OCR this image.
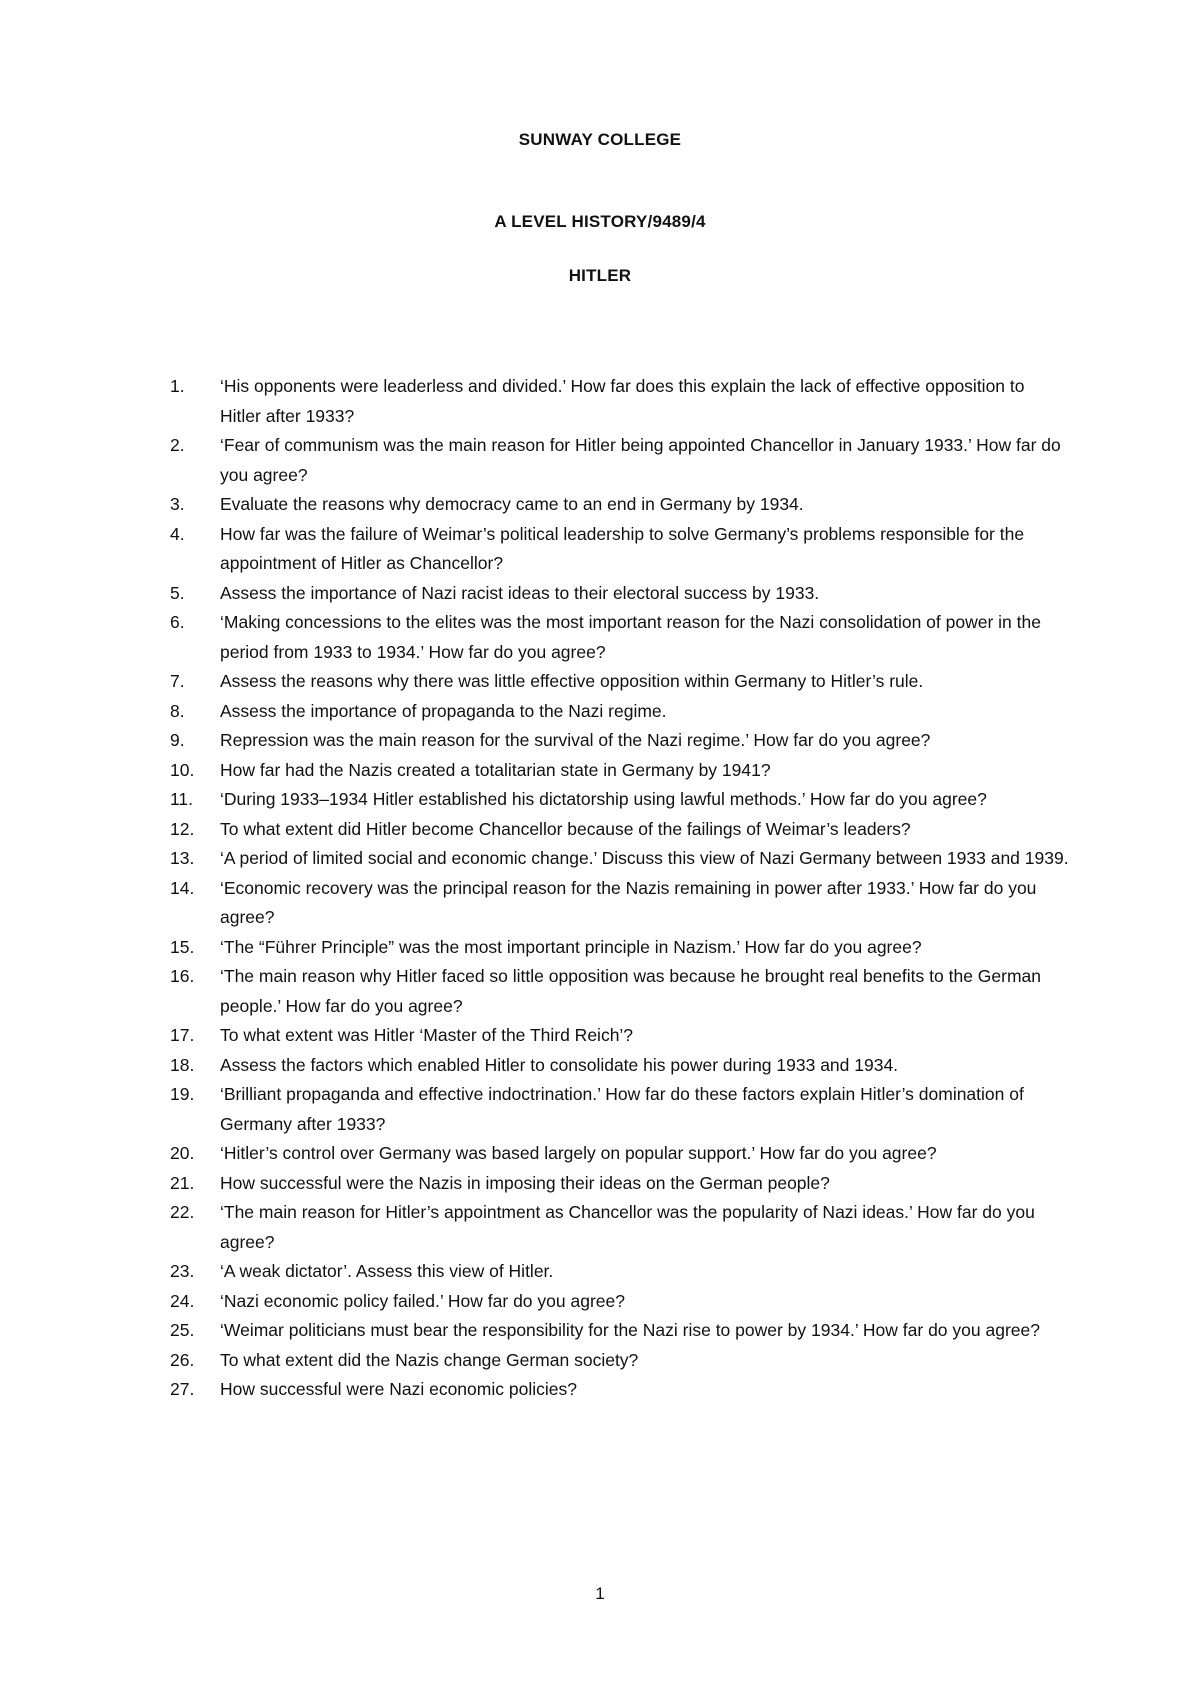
SUNWAY COLLEGE
A LEVEL HISTORY/9489/4
HITLER
1.	‘His opponents were leaderless and divided.’ How far does this explain the lack of effective opposition to Hitler after 1933?
2.	‘Fear of communism was the main reason for Hitler being appointed Chancellor in January 1933.’ How far do you agree?
3.	Evaluate the reasons why democracy came to an end in Germany by 1934.
4.	How far was the failure of Weimar’s political leadership to solve Germany’s problems responsible for the appointment of Hitler as Chancellor?
5.	Assess the importance of Nazi racist ideas to their electoral success by 1933.
6.	‘Making concessions to the elites was the most important reason for the Nazi consolidation of power in the period from 1933 to 1934.’ How far do you agree?
7.	Assess the reasons why there was little effective opposition within Germany to Hitler’s rule.
8.	Assess the importance of propaganda to the Nazi regime.
9.	Repression was the main reason for the survival of the Nazi regime.’ How far do you agree?
10.	How far had the Nazis created a totalitarian state in Germany by 1941?
11.	‘During 1933–1934 Hitler established his dictatorship using lawful methods.’ How far do you agree?
12.	To what extent did Hitler become Chancellor because of the failings of Weimar’s leaders?
13.	‘A period of limited social and economic change.’ Discuss this view of Nazi Germany between 1933 and 1939.
14.	‘Economic recovery was the principal reason for the Nazis remaining in power after 1933.’ How far do you agree?
15.	‘The “Führer Principle” was the most important principle in Nazism.’ How far do you agree?
16.	‘The main reason why Hitler faced so little opposition was because he brought real benefits to the German people.’ How far do you agree?
17.	To what extent was Hitler ‘Master of the Third Reich’?
18.	Assess the factors which enabled Hitler to consolidate his power during 1933 and 1934.
19.	‘Brilliant propaganda and effective indoctrination.’ How far do these factors explain Hitler’s domination of Germany after 1933?
20.	‘Hitler’s control over Germany was based largely on popular support.’ How far do you agree?
21.	How successful were the Nazis in imposing their ideas on the German people?
22.	‘The main reason for Hitler’s appointment as Chancellor was the popularity of Nazi ideas.’ How far do you agree?
23.	‘A weak dictator’. Assess this view of Hitler.
24.	‘Nazi economic policy failed.’ How far do you agree?
25.	‘Weimar politicians must bear the responsibility for the Nazi rise to power by 1934.’ How far do you agree?
26.	To what extent did the Nazis change German society?
27.	How successful were Nazi economic policies?
1
